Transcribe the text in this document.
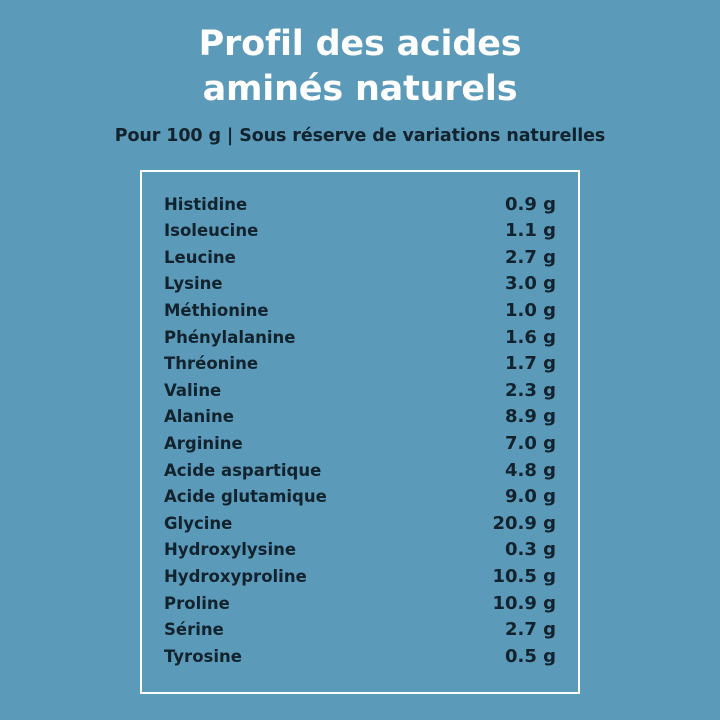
Profil des acides
aminés naturels
Pour 100 g | Sous réserve de variations naturelles
Histidine	0.9 g
Isoleucine	1.1 g
Leucine	2.7 g
Lysine	3.0 g
Méthionine	1.0 g
Phénylalanine	1.6 g
Thréonine	1.7 g
Valine	2.3 g
Alanine	8.9 g
Arginine	7.0 g
Acide aspartique	4.8 g
Acide glutamique	9.0 g
Glycine	20.9 g
Hydroxylysine	0.3 g
Hydroxyproline	10.5 g
Proline	10.9 g
Sérine	2.7 g
Tyrosine	0.5 g
